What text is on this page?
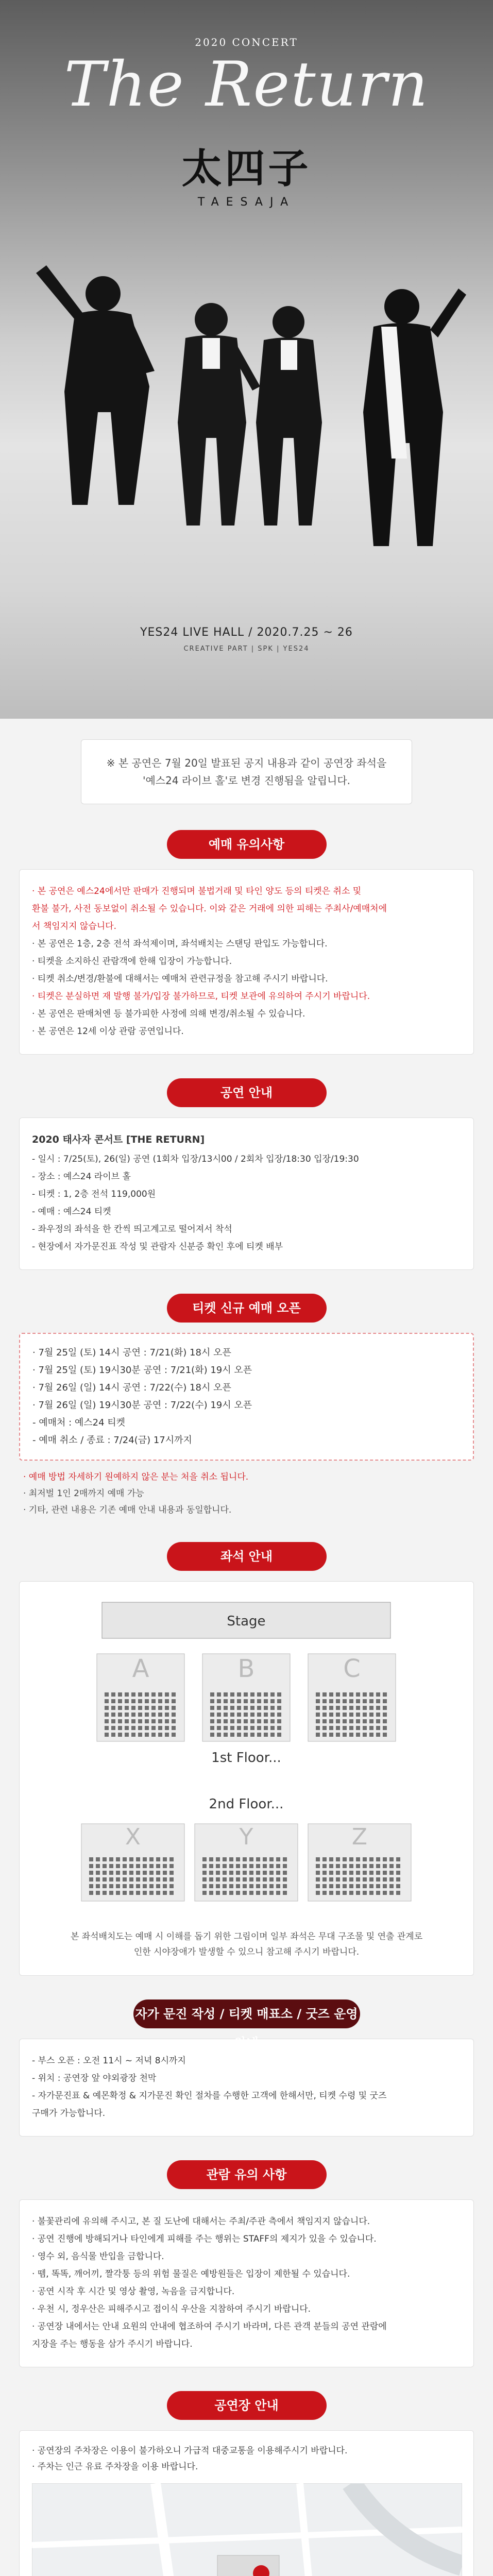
2020 CONCERT
The Return
太四子
TAESAJA
YES24 LIVE HALL / 2020.7.25 ~ 26
CREATIVE PART | SPK | YES24

※ 본 공연은 7월 20일 발표된 공지 내용과 같이 공연장 좌석을

'예스24 라이브 홀'로 변경 진행됨을 알립니다.

예매 유의사항

· 본 공연은 예스24에서만 판매가 진행되며 불법거래 및 타인 양도 등의 티켓은 취소 및

환불 불가, 사전 동보없이 취소될 수 있습니다. 이와 같은 거래에 의한 피해는 주최사/예매처에

서 책임지지 않습니다.

· 본 공연은 1층, 2층 전석 좌석제이며, 좌석배치는 스탠딩 판입도 가능합니다.

· 티켓을 소지하신 관람객에 한해 입장이 가능합니다.

· 티켓 취소/변경/환불에 대해서는 예매처 관련규정을 참고해 주시기 바랍니다.

· 티켓은 분실하면 재 발행 불가/입장 불가하므로, 티켓 보관에 유의하여 주시기 바랍니다.

· 본 공연은 판매처엔 등 불가피한 사정에 의해 변경/취소될 수 있습니다.

· 본 공연은 12세 이상 관람 공연입니다.

공연 안내

2020 태사자 콘서트 [THE RETURN]

- 일시 : 7/25(토), 26(일) 공연 (1회차 입장/13시00 / 2회차 입장/18:30 입장/19:30

- 장소 : 예스24 라이브 홀

- 티켓 : 1, 2층 전석 119,000원

- 예매 : 예스24 티켓

- 좌우정의 좌석을 한 칸씩 띄고계고로 떨어져서 착석

- 현장에서 자가문진표 작성 및 관람자 신분증 확인 후에 티켓 배부

티켓 신규 예매 오픈

· 7월 25일 (토) 14시 공연 : 7/21(화) 18시 오픈

· 7월 25일 (토) 19시30분 공연 : 7/21(화) 19시 오픈

· 7월 26일 (일) 14시 공연 : 7/22(수) 18시 오픈

· 7월 26일 (일) 19시30분 공연 : 7/22(수) 19시 오픈

- 예매처 : 예스24 티켓

- 예매 취소 / 종료 : 7/24(금) 17시까지

· 예매 방법 자세하기 원예하지 않은 분는 처을 취소 됩니다.

· 최저벌 1인 2매까지 예매 가능

· 기타, 관련 내용은 기존 예매 안내 내용과 동일합니다.

좌석 안내
Stage
A	B	C
1st Floor...
2nd Floor...
X	Y	Z

본 좌석배치도는 예매 시 이해를 돕기 위한 그림이며 일부 좌석은 무대 구조물 및 연출 관계로

인한 시야장애가 발생할 수 있으니 참고해 주시기 바랍니다.

자가 문진 작성 / 티켓 매표소 / 굿즈 운영 안내

- 부스 오픈 : 오전 11시 ~ 저녁 8시까지

- 위치 : 공연장 앞 야외광장 천막

- 자가문진표 & 예몬확정 & 지가문진 확인 절차를 수행한 고객에 한해서만, 티켓 수령 및 굿즈

구매가 가능합니다.

관람 유의 사항

· 불꽃관리에 유의해 주시고, 본 질 도난에 대해서는 주최/주관 측에서 책임지지 않습니다.

· 공연 진행에 방해되거나 타인에게 피해를 주는 행위는 STAFF의 제지가 있을 수 있습니다.

· 영수 외, 음식물 반입을 금합니다.

· 뗌, 똑똑, 깨어끼, 짤각퉁 등의 위험 물질은 예방원들은 입장이 제한될 수 있습니다.

· 공연 시작 후 시간 및 영상 촬영, 녹음을 금지합니다.

· 우천 시, 정우산은 피해주시고 접이식 우산을 지참하여 주시기 바랍니다.

· 공연장 내에서는 안내 요원의 안내에 협조하여 주시기 바라며, 다른 관객 분들의 공연 관람에

지장을 주는 행동을 삼가 주시기 바랍니다.

공연장 안내

· 공연장의 주차장은 이용이 불가하오니 가급적 대중교통을 이용해주시기 바랍니다.

· 주차는 인근 유료 주차장을 이용 바랍니다.
